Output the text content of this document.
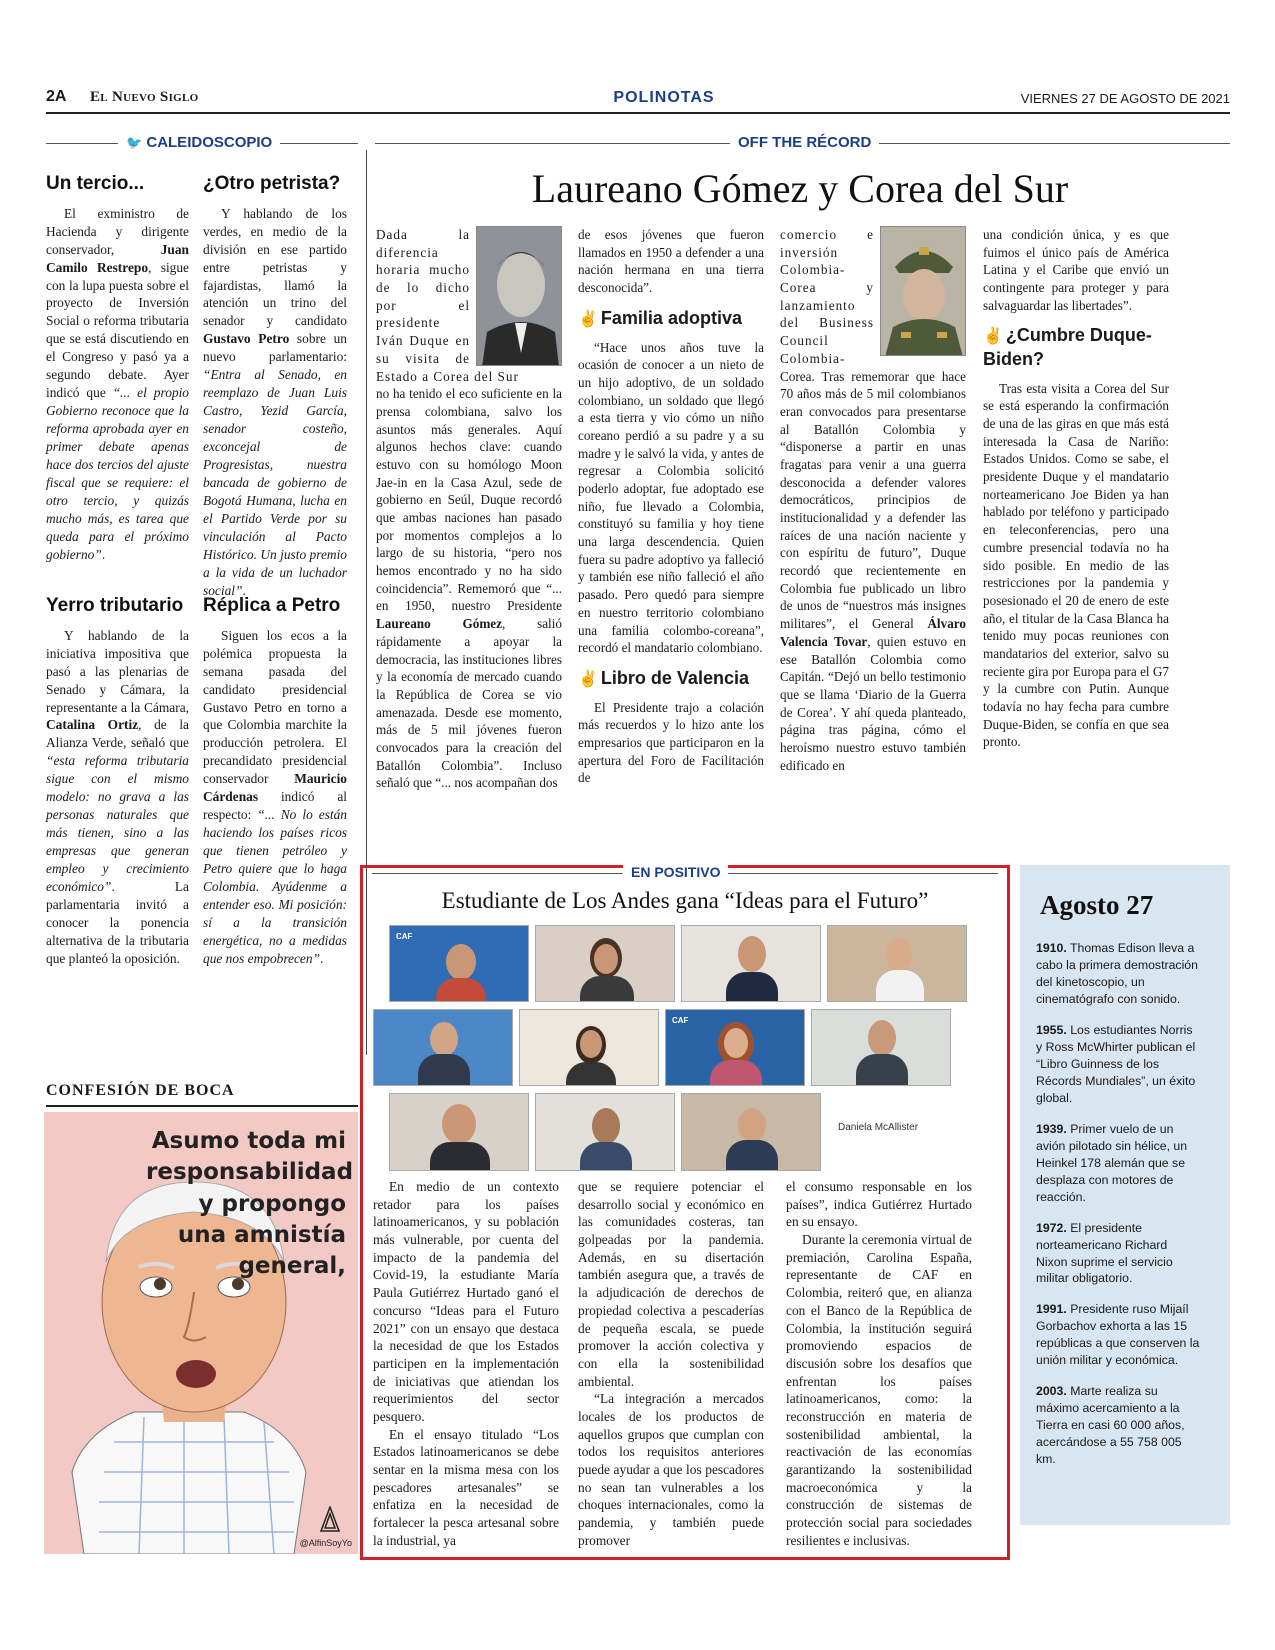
2A El Nuevo Siglo	POLINOTAS	VIERNES 27 DE AGOSTO DE 2021
🐦 CALEIDOSCOPIO
Un tercio...

El exministro de Hacienda y dirigente conservador, Juan Camilo Restrepo, sigue con la lupa puesta sobre el proyecto de Inversión Social o reforma tributaria que se está discutiendo en el Congreso y pasó ya a segundo debate. Ayer indicó que “... el propio Gobierno reconoce que la reforma aprobada ayer en primer debate apenas hace dos tercios del ajuste fiscal que se requiere: el otro tercio, y quizás mucho más, es tarea que queda para el próximo gobierno”.

Yerro tributario

Y hablando de la iniciativa impositiva que pasó a las plenarias de Senado y Cámara, la representante a la Cámara, Catalina Ortiz, de la Alianza Verde, señaló que “esta reforma tributaria sigue con el mismo modelo: no grava a las personas naturales que más tienen, sino a las empresas que generan empleo y crecimiento económico”. La parlamentaria invitó a conocer la ponencia alternativa de la tributaria que planteó la oposición.

¿Otro petrista?

Y hablando de los verdes, en medio de la división en ese partido entre petristas y fajardistas, llamó la atención un trino del senador y candidato Gustavo Petro sobre un nuevo parlamentario: “Entra al Senado, en reemplazo de Juan Luis Castro, Yezid García, senador costeño, exconcejal de Progresistas, nuestra bancada de gobierno de Bogotá Humana, lucha en el Partido Verde por su vinculación al Pacto Histórico. Un justo premio a la vida de un luchador social”.

Réplica a Petro

Siguen los ecos a la polémica propuesta la semana pasada del candidato presidencial Gustavo Petro en torno a que Colombia marchite la producción petrolera. El precandidato presidencial conservador Mauricio Cárdenas indicó al respecto: “... No lo están haciendo los países ricos que tienen petróleo y Petro quiere que lo haga Colombia. Ayúdenme a entender eso. Mi posición: sí a la transición energética, no a medidas que nos empobrecen”.

CONFESIÓN DE BOCA
Asumo toda mi responsabilidad y propongo una amnistía general,
@AlfinSoyYo
OFF THE RÉCORD
Laureano Gómez y Corea del Sur

Dada la diferencia horaria mucho de lo dicho por el presidente Iván Duque en su visita de Estado a Corea del Sur

no ha tenido el eco suficiente en la prensa colombiana, salvo los asuntos más generales. Aquí algunos hechos clave: cuando estuvo con su homólogo Moon Jae-in en la Casa Azul, sede de gobierno en Seúl, Duque recordó que ambas naciones han pasado por momentos complejos a lo largo de su historia, “pero nos hemos encontrado y no ha sido coincidencia”. Rememoró que “... en 1950, nuestro Presidente Laureano Gómez, salió rápidamente a apoyar la democracia, las instituciones libres y la economía de mercado cuando la República de Corea se vio amenazada. Desde ese momento, más de 5 mil jóvenes fueron convocados para la creación del Batallón Colombia”. Incluso señaló que “... nos acompañan dos

de esos jóvenes que fueron llamados en 1950 a defender a una nación hermana en una tierra desconocida”.

✌ Familia adoptiva

“Hace unos años tuve la ocasión de conocer a un nieto de un hijo adoptivo, de un soldado colombiano, un soldado que llegó a esta tierra y vio cómo un niño coreano perdió a su padre y a su madre y le salvó la vida, y antes de regresar a Colombia solicitó poderlo adoptar, fue adoptado ese niño, fue llevado a Colombia, constituyó su familia y hoy tiene una larga descendencia. Quien fuera su padre adoptivo ya falleció y también ese niño falleció el año pasado. Pero quedó para siempre en nuestro territorio colombiano una familia colombo-coreana”, recordó el mandatario colombiano.

✌ Libro de Valencia

El Presidente trajo a colación más recuerdos y lo hizo ante los empresarios que participaron en la apertura del Foro de Facilitación de

comercio e inversión Colombia-Corea y lanzamiento del Business Council Colombia-

Corea. Tras rememorar que hace 70 años más de 5 mil colombianos eran convocados para presentarse al Batallón Colombia y “disponerse a partir en unas fragatas para venir a una guerra desconocida a defender valores democráticos, principios de institucionalidad y a defender las raíces de una nación naciente y con espíritu de futuro”, Duque recordó que recientemente en Colombia fue publicado un libro de unos de “nuestros más insignes militares”, el General Álvaro Valencia Tovar, quien estuvo en ese Batallón Colombia como Capitán. “Dejó un bello testimonio que se llama ‘Diario de la Guerra de Corea’. Y ahí queda planteado, página tras página, cómo el heroísmo nuestro estuvo también edificado en

una condición única, y es que fuimos el único país de América Latina y el Caribe que envió un contingente para proteger y para salvaguardar las libertades”.

✌ ¿Cumbre Duque-Biden?

Tras esta visita a Corea del Sur se está esperando la confirmación de una de las giras en que más está interesada la Casa de Nariño: Estados Unidos. Como se sabe, el presidente Duque y el mandatario norteamericano Joe Biden ya han hablado por teléfono y participado en teleconferencias, pero una cumbre presencial todavía no ha sido posible. En medio de las restricciones por la pandemia y posesionado el 20 de enero de este año, el titular de la Casa Blanca ha tenido muy pocas reuniones con mandatarios del exterior, salvo su reciente gira por Europa para el G7 y la cumbre con Putin. Aunque todavía no hay fecha para cumbre Duque-Biden, se confía en que sea pronto.

EN POSITIVO
Estudiante de Los Andes gana “Ideas para el Futuro”
CAF
CAF
Daniela McAllister

En medio de un contexto retador para los países latinoamericanos, y su población más vulnerable, por cuenta del impacto de la pandemia del Covid-19, la estudiante María Paula Gutiérrez Hurtado ganó el concurso “Ideas para el Futuro 2021” con un ensayo que destaca la necesidad de que los Estados participen en la implementación de iniciativas que atiendan los requerimientos del sector pesquero.

En el ensayo titulado “Los Estados latinoamericanos se debe sentar en la misma mesa con los pescadores artesanales” se enfatiza en la necesidad de fortalecer la pesca artesanal sobre la industrial, ya

que se requiere potenciar el desarrollo social y económico en las comunidades costeras, tan golpeadas por la pandemia. Además, en su disertación también asegura que, a través de la adjudicación de derechos de propiedad colectiva a pescaderías de pequeña escala, se puede promover la acción colectiva y con ella la sostenibilidad ambiental.

“La integración a mercados locales de los productos de aquellos grupos que cumplan con todos los requisitos anteriores puede ayudar a que los pescadores no sean tan vulnerables a los choques internacionales, como la pandemia, y también puede promover

el consumo responsable en los países”, indica Gutiérrez Hurtado en su ensayo.

Durante la ceremonia virtual de premiación, Carolina España, representante de CAF en Colombia, reiteró que, en alianza con el Banco de la República de Colombia, la institución seguirá promoviendo espacios de discusión sobre los desafíos que enfrentan los países latinoamericanos, como: la reconstrucción en materia de sostenibilidad ambiental, la reactivación de las economías garantizando la sostenibilidad macroeconómica y la construcción de sistemas de protección social para sociedades resilientes e inclusivas.

Agosto 27

1910. Thomas Edison lleva a cabo la primera demostración del kinetoscopio, un cinematógrafo con sonido.

1955. Los estudiantes Norris y Ross McWhirter publican el “Libro Guinness de los Récords Mundiales”, un éxito global.

1939. Primer vuelo de un avión pilotado sin hélice, un Heinkel 178 alemán que se desplaza con motores de reacción.

1972. El presidente norteamericano Richard Nixon suprime el servicio militar obligatorio.

1991. Presidente ruso Mijaíl Gorbachov exhorta a las 15 repúblicas a que conserven la unión militar y económica.

2003. Marte realiza su máximo acercamiento a la Tierra en casi 60 000 años, acercándose a 55 758 005 km.
